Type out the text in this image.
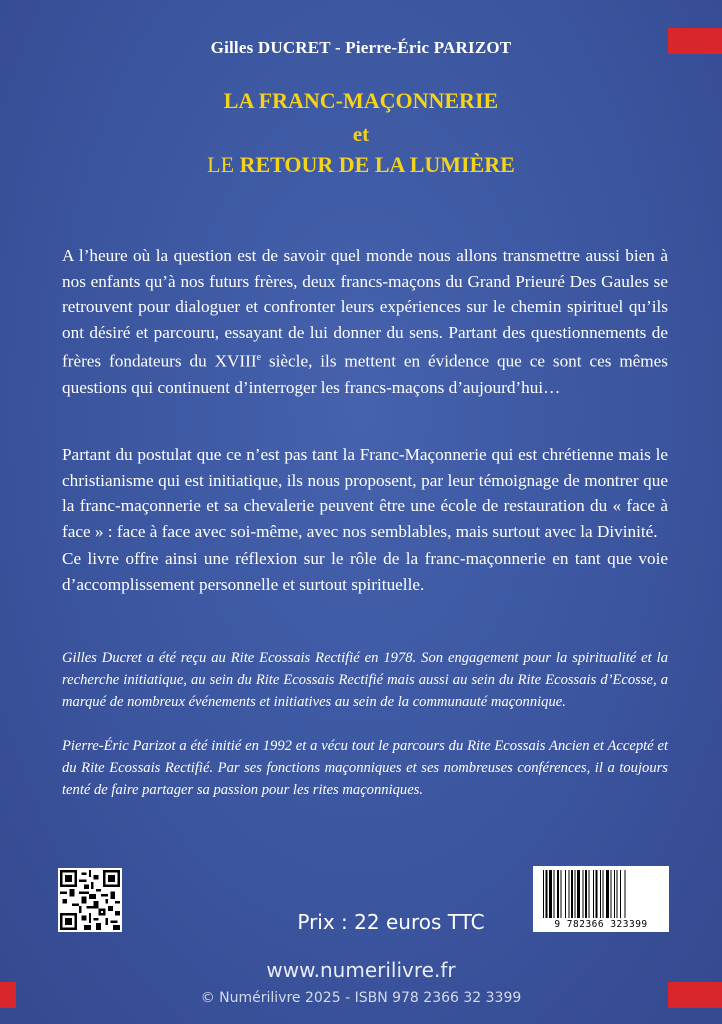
Gilles DUCRET - Pierre-Éric PARIZOT
LA FRANC-MAÇONNERIE
et
LE RETOUR DE LA LUMIÈRE

A l’heure où la question est de savoir quel monde nous allons transmettre aussi bien à nos enfants qu’à nos futurs frères, deux francs-maçons du Grand Prieuré Des Gaules se retrouvent pour dialoguer et confronter leurs expériences sur le chemin spirituel qu’ils ont désiré et parcouru, essayant de lui donner du sens. Partant des questionnements de frères fondateurs du XVIIIe siècle, ils mettent en évidence que ce sont ces mêmes questions qui continuent d’interroger les francs-maçons d’aujourd’hui…

Partant du postulat que ce n’est pas tant la Franc-Maçonnerie qui est chrétienne mais le christianisme qui est initiatique, ils nous proposent, par leur témoignage de montrer que la franc-maçonnerie et sa chevalerie peuvent être une école de restauration du « face à face » : face à face avec soi-même, avec nos semblables, mais surtout avec la Divinité.

Ce livre offre ainsi une réflexion sur le rôle de la franc-maçonnerie en tant que voie d’accomplissement personnelle et surtout spirituelle.

Gilles Ducret a été reçu au Rite Ecossais Rectifié en 1978. Son engagement pour la spiritualité et la recherche initiatique, au sein du Rite Ecossais Rectifié mais aussi au sein du Rite Ecossais d’Ecosse, a marqué de nombreux événements et initiatives au sein de la communauté maçonnique.

Pierre-Éric Parizot a été initié en 1992 et a vécu tout le parcours du Rite Ecossais Ancien et Accepté et du Rite Ecossais Rectifié. Par ses fonctions maçonniques et ses nombreuses conférences, il a toujours tenté de faire partager sa passion pour les rites maçonniques.

9 782366 323399
Prix : 22 euros TTC
www.numerilivre.fr
© Numérilivre 2025 - ISBN 978 2366 32 3399
